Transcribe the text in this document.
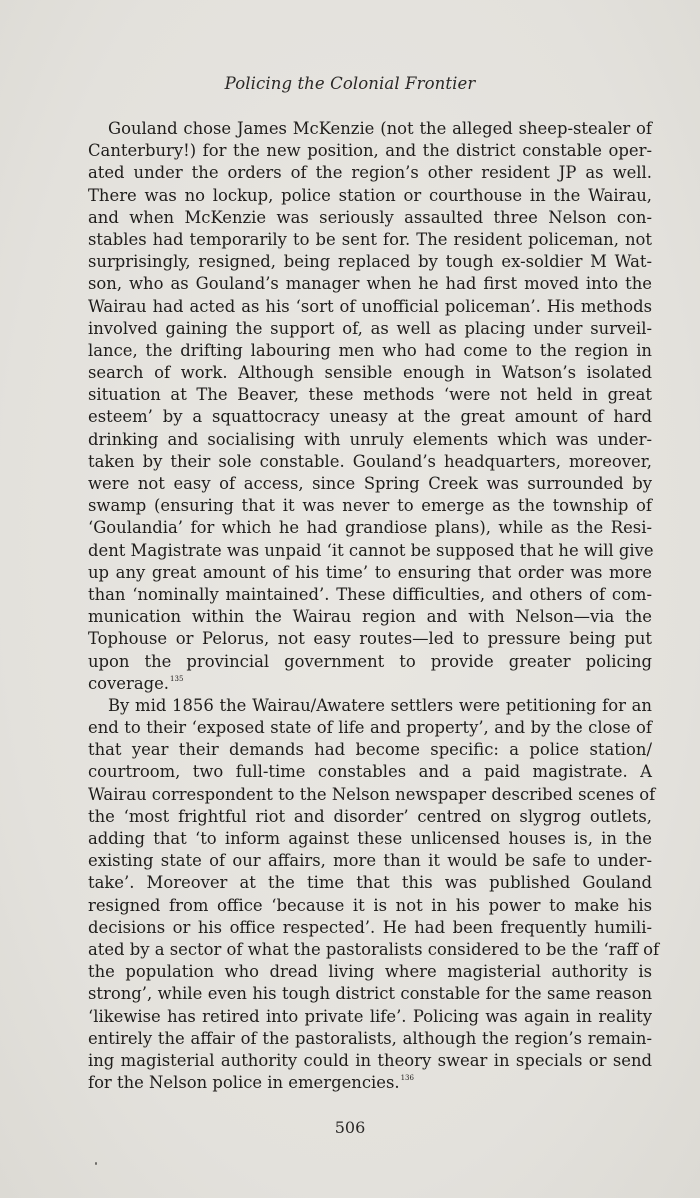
Policing the Colonial Frontier
Gouland chose James McKenzie (not the alleged sheep-stealer of
Canterbury!) for the new position, and the district constable oper-
ated under the orders of the region’s other resident JP as well.
There was no lockup, police station or courthouse in the Wairau,
and when McKenzie was seriously assaulted three Nelson con-
stables had temporarily to be sent for. The resident policeman, not
surprisingly, resigned, being replaced by tough ex-soldier M Wat-
son, who as Gouland’s manager when he had first moved into the
Wairau had acted as his ‘sort of unofficial policeman’. His methods
involved gaining the support of, as well as placing under surveil-
lance, the drifting labouring men who had come to the region in
search of work. Although sensible enough in Watson’s isolated
situation at The Beaver, these methods ‘were not held in great
esteem’ by a squattocracy uneasy at the great amount of hard
drinking and socialising with unruly elements which was under-
taken by their sole constable. Gouland’s headquarters, moreover,
were not easy of access, since Spring Creek was surrounded by
swamp (ensuring that it was never to emerge as the township of
‘Goulandia’ for which he had grandiose plans), while as the Resi-
dent Magistrate was unpaid ‘it cannot be supposed that he will give
up any great amount of his time’ to ensuring that order was more
than ‘nominally maintained’. These difficulties, and others of com-
munication within the Wairau region and with Nelson—via the
Tophouse or Pelorus, not easy routes—led to pressure being put
upon the provincial government to provide greater policing
coverage.$^{135}$
By mid 1856 the Wairau/Awatere settlers were petitioning for an
end to their ‘exposed state of life and property’, and by the close of
that year their demands had become specific: a police station/
courtroom, two full-time constables and a paid magistrate. A
Wairau correspondent to the Nelson newspaper described scenes of
the ‘most frightful riot and disorder’ centred on slygrog outlets,
adding that ‘to inform against these unlicensed houses is, in the
existing state of our affairs, more than it would be safe to under-
take’. Moreover at the time that this was published Gouland
resigned from office ‘because it is not in his power to make his
decisions or his office respected’. He had been frequently humili-
ated by a sector of what the pastoralists considered to be the ‘raff of
the population who dread living where magisterial authority is
strong’, while even his tough district constable for the same reason
‘likewise has retired into private life’. Policing was again in reality
entirely the affair of the pastoralists, although the region’s remain-
ing magisterial authority could in theory swear in specials or send
for the Nelson police in emergencies.$^{136}$
506
